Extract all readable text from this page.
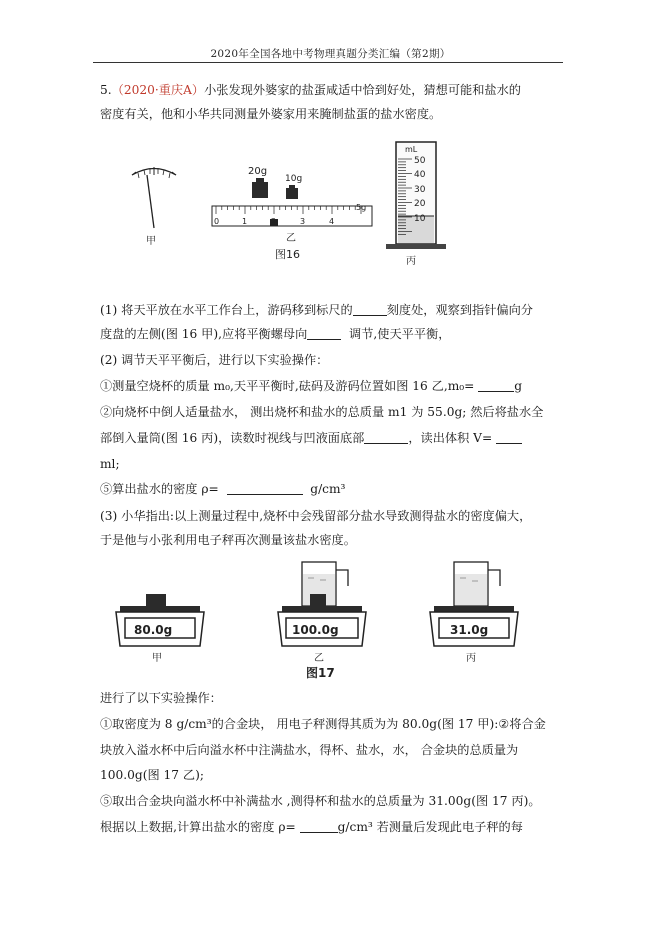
2020年全国各地中考物理真题分类汇编（第2期）
5.（2020·重庆A）小张发现外婆家的盐蛋咸适中恰到好处，猜想可能和盐水的
密度有关，他和小华共同测量外婆家用来腌制盐蛋的盐水密度。
甲
0	1	2	3	4
5g
20g
10g
乙
mL
50
40
30
20
10
丙
图16
(1) 将天平放在水平工作台上，游码移到标尺的	刻度处，观察到指针偏向分
度盘的左侧(图 16 甲),应将平衡螺母向	调节,使天平平衡，
(2) 调节天平平衡后，进行以下实验操作：
①测量空烧杯的质量 m₀,天平平衡时,砝码及游码位置如图 16 乙,m₀=	g
②向烧杯中倒人适量盐水， 测出烧杯和盐水的总质量 m1 为 55.0g; 然后将盐水全
部倒入量筒(图 16 丙)，读数时视线与凹液面底部	，读出体积 V=
ml;
⑤算出盐水的密度 ρ=	g/cm³
(3) 小华指出:以上测量过程中,烧杯中会残留部分盐水导致测得盐水的密度偏大，
于是他与小张利用电子秤再次测量该盐水密度。
80.0g
甲
100.0g
乙
图17
31.0g
丙
进行了以下实验操作：
①取密度为 8 g/cm³的合金块， 用电子秤测得其质为为 80.0g(图 17 甲):②将合金
块放入溢水杯中后向溢水杯中注满盐水，得杯、盐水，水， 合金块的总质量为
100.0g(图 17 乙);
⑤取出合金块向溢水杯中补满盐水 ,测得杯和盐水的总质量为 31.00g(图 17 丙)。
根据以上数据,计算出盐水的密度 ρ=	g/cm³ 若测量后发现此电子秤的每
